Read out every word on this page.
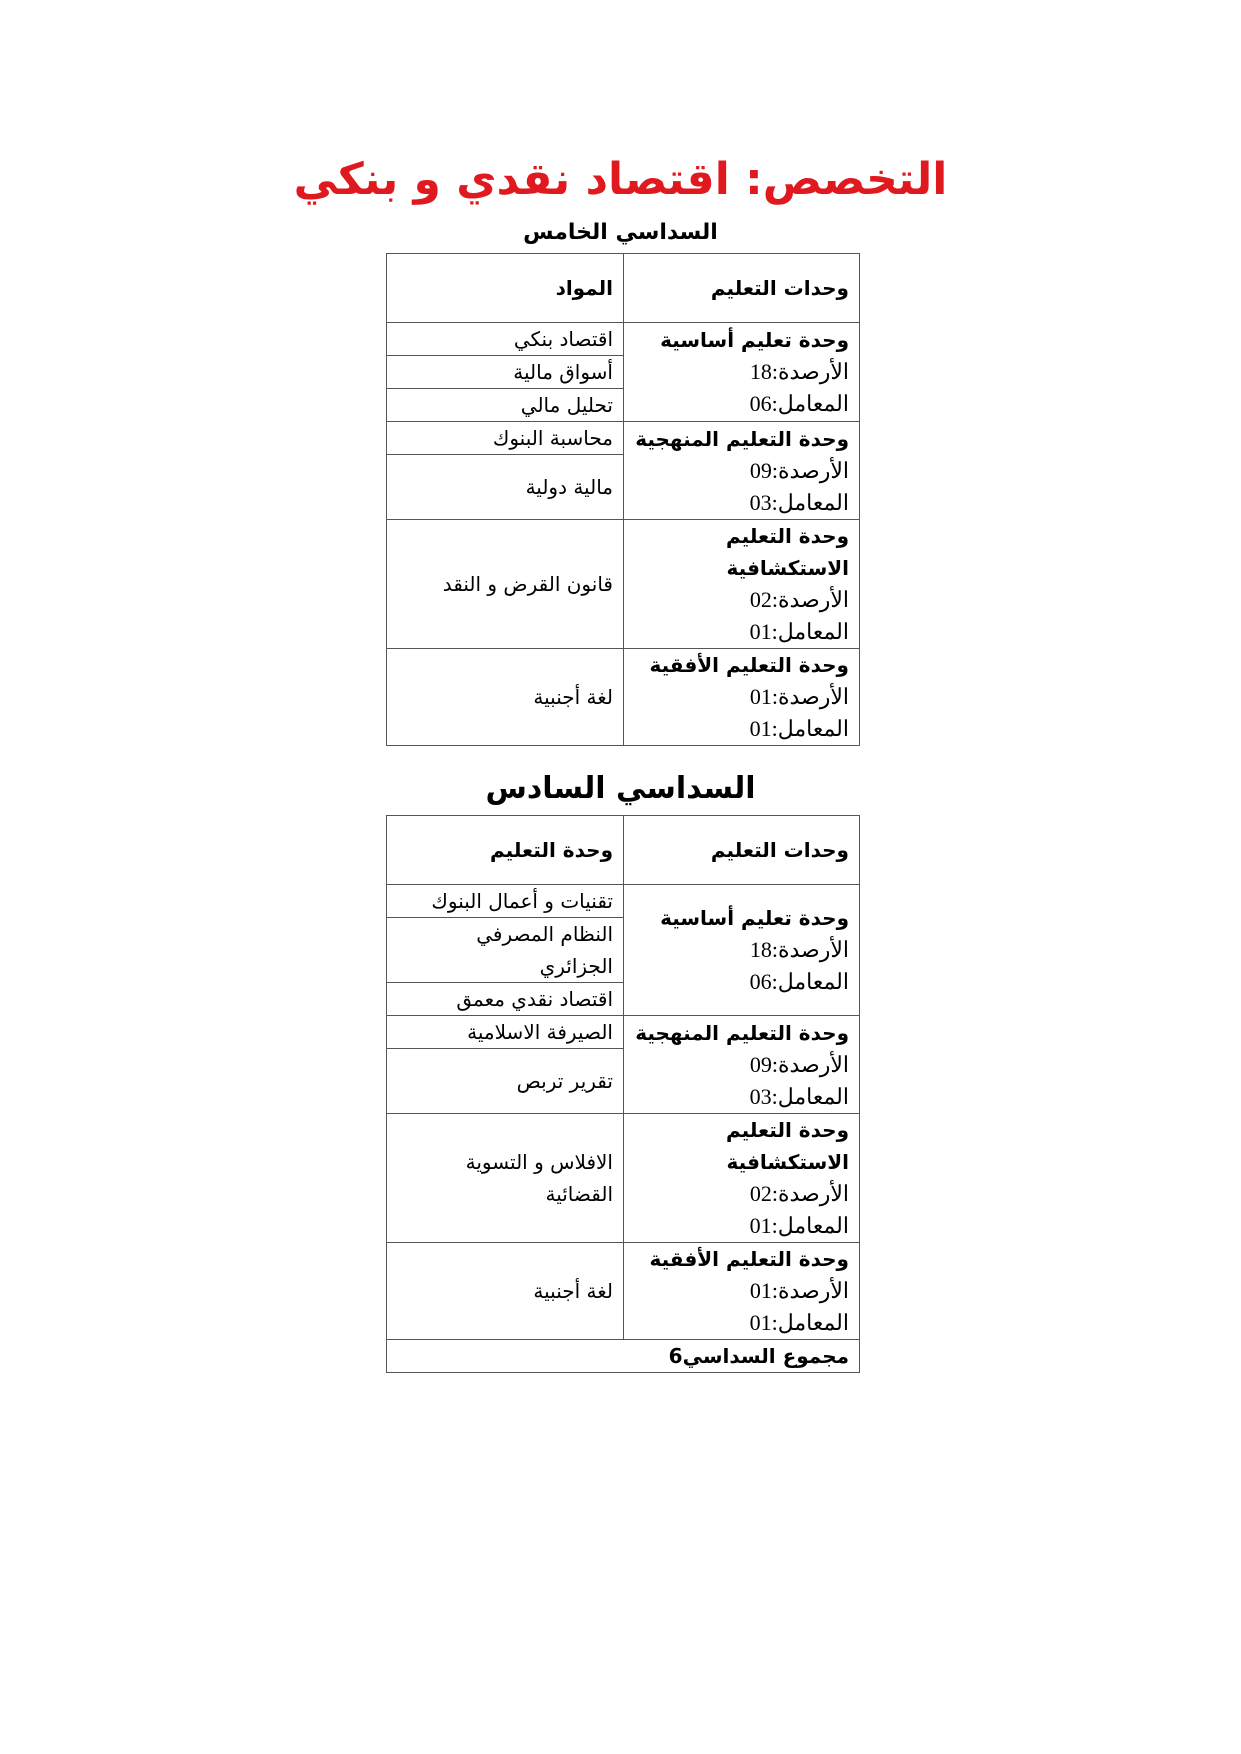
التخصص: اقتصاد نقدي و بنكي
السداسي الخامس
وحدات التعليم	المواد

وحدة تعليم أساسية
الأرصدة:18
المعامل:06	اقتصاد بنكي
	أسواق مالية
	تحليل مالي

وحدة التعليم المنهجية
الأرصدة:09
المعامل:03	محاسبة البنوك
	مالية دولية

وحدة التعليم الاستكشافية
الأرصدة:02
المعامل:01	قانون القرض و النقد

وحدة التعليم الأفقية
الأرصدة:01
المعامل:01	لغة أجنبية
السداسي السادس
وحدات التعليم	وحدة التعليم

وحدة تعليم أساسية
الأرصدة:18
المعامل:06	تقنيات و أعمال البنوك
	النظام المصرفي الجزائري
	اقتصاد نقدي معمق

وحدة التعليم المنهجية
الأرصدة:09
المعامل:03	الصيرفة الاسلامية
	تقرير تربص

وحدة التعليم الاستكشافية
الأرصدة:02
المعامل:01	الافلاس و التسوية القضائية

وحدة التعليم الأفقية
الأرصدة:01
المعامل:01	لغة أجنبية
مجموع السداسي6	
